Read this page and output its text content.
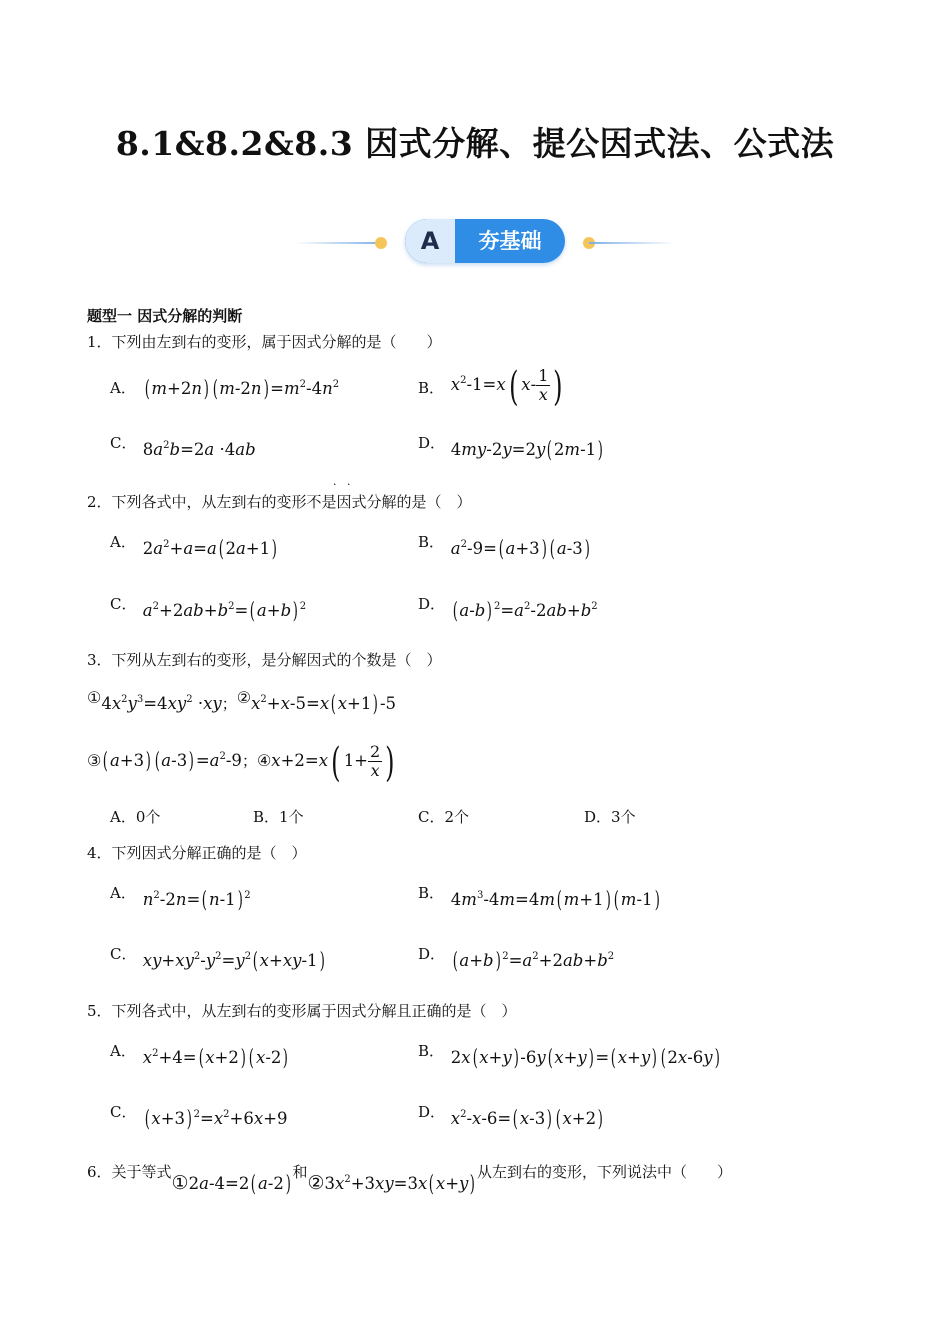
8.1&8.2&8.3 因式分解、提公因式法、公式法
A	夯基础
题型一 因式分解的判断
1．下列由左到右的变形，属于因式分解的是（　　）
A． ( m+2n) ( $m-2n) =m^2-4n^2$	B． $x^2-1=x$( $x- \frac{1}{x}$ )
C． $8a^2b=2a \cdot 4ab$	D． 4my-2y=2y( 2m-1)
·   ·
2．下列各式中，从左到右的变形不是因式分解的是（　）
A． $2a^2+a=a$( 2a+1)	B． $a^2-9=$( a+3) ( a-3)
C． $a^2+2ab+b^2=$( a+b) $^2$	D． ( a-b) $^2=a^2-2ab+b^2$
3．下列从左到右的变形，是分解因式的个数是（　）
$①4x^2y^3=4xy^2 \cdot xy$；$②x^2+x-5=x$( x+1) -5
③( a+3) ( $a-3) =a^2-9$；④x+2=x( $1+ \frac{2}{x}$ )
A．0个	B．1个	C．2个	D．3个
4．下列因式分解正确的是（　）
A． $n^2-2n=$( n-1) $^2$	B． $4m^3-4m=4m$( m+1) ( m-1)
C． $xy+xy^2-y^2=y^2$( x+xy-1)	D． ( a+b) $^2=a^2+2ab+b^2$
5．下列各式中，从左到右的变形属于因式分解且正确的是（　）
A． $x^2+4=$( x+2) ( x-2)	B． 2x( x+y) -6y( x+y) =( x+y) ( 2x-6y)
C． ( x+3) $^2=x^2+6x+9$	D． $x^2-x-6=$( x-3) ( x+2)
6．关于等式①2a-4=2( a-2) 和$②3x^2+3xy=3x$( x+y) 从左到右的变形，下列说法中（　　）
